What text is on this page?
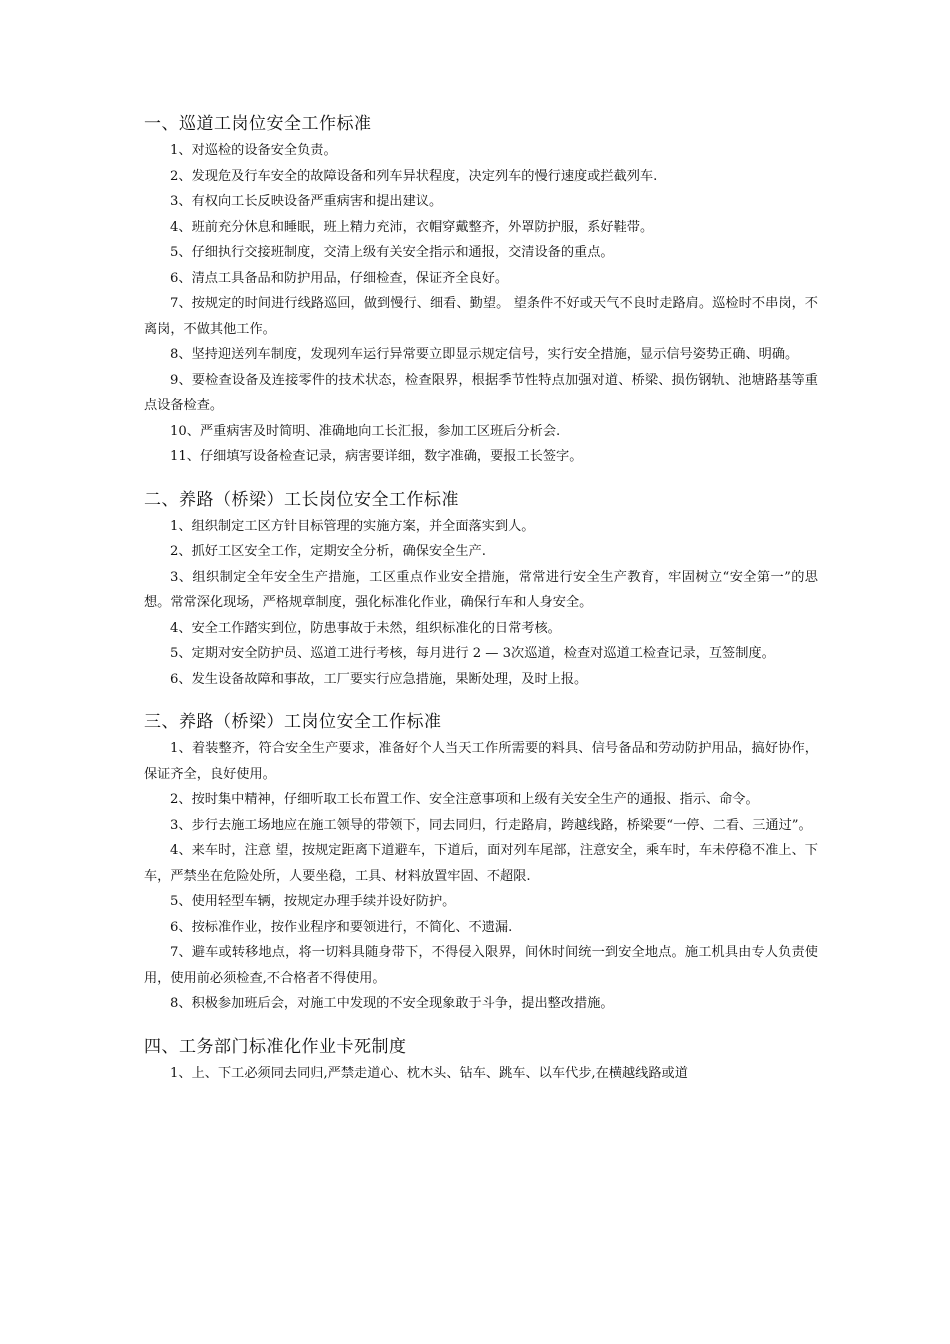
一、巡道工岗位安全工作标准

1、对巡检的设备安全负责。

2、发现危及行车安全的故障设备和列车异状程度，决定列车的慢行速度或拦截列车.

3、有权向工长反映设备严重病害和提出建议。

4、班前充分休息和睡眠，班上精力充沛，衣帽穿戴整齐，外罩防护服，系好鞋带。

5、仔细执行交接班制度，交清上级有关安全指示和通报，交清设备的重点。

6、清点工具备品和防护用品，仔细检查，保证齐全良好。

7、按规定的时间进行线路巡回，做到慢行、细看、勤望。 望条件不好或天气不良时走路肩。巡检时不串岗，不离岗，不做其他工作。

8、坚持迎送列车制度，发现列车运行异常要立即显示规定信号，实行安全措施，显示信号姿势正确、明确。

9、要检查设备及连接零件的技术状态，检查限界，根据季节性特点加强对道、桥梁、损伤钢轨、池塘路基等重点设备检查。

10、严重病害及时简明、准确地向工长汇报，参加工区班后分析会.

11、仔细填写设备检查记录，病害要详细，数字准确，要报工长签字。

二、养路（桥梁）工长岗位安全工作标准

1、组织制定工区方针目标管理的实施方案，并全面落实到人。

2、抓好工区安全工作，定期安全分析，确保安全生产.

3、组织制定全年安全生产措施，工区重点作业安全措施，常常进行安全生产教育，牢固树立“安全第一”的思想。常常深化现场，严格规章制度，强化标准化作业，确保行车和人身安全。

4、安全工作踏实到位，防患事故于未然，组织标准化的日常考核。

5、定期对安全防护员、巡道工进行考核，每月进行 2 — 3次巡道，检查对巡道工检查记录，互签制度。

6、发生设备故障和事故，工厂要实行应急措施，果断处理，及时上报。

三、养路（桥梁）工岗位安全工作标准

1、着装整齐，符合安全生产要求，准备好个人当天工作所需要的料具、信号备品和劳动防护用品，搞好协作，保证齐全，良好使用。

2、按时集中精神，仔细听取工长布置工作、安全注意事项和上级有关安全生产的通报、指示、命令。

3、步行去施工场地应在施工领导的带领下，同去同归，行走路肩，跨越线路，桥梁要“一停、二看、三通过”。

4、来车时，注意 望，按规定距离下道避车，下道后，面对列车尾部，注意安全，乘车时，车未停稳不准上、下车，严禁坐在危险处所，人要坐稳，工具、材料放置牢固、不超限.

5、使用轻型车辆，按规定办理手续并设好防护。

6、按标准作业，按作业程序和要领进行，不简化、不遗漏.

7、避车或转移地点，将一切料具随身带下，不得侵入限界，间休时间统一到安全地点。施工机具由专人负责使用，使用前必须检查,不合格者不得使用。

8、积极参加班后会，对施工中发现的不安全现象敢于斗争，提出整改措施。

四、工务部门标准化作业卡死制度

1、上、下工必须同去同归,严禁走道心、枕木头、钻车、跳车、以车代步,在横越线路或道
